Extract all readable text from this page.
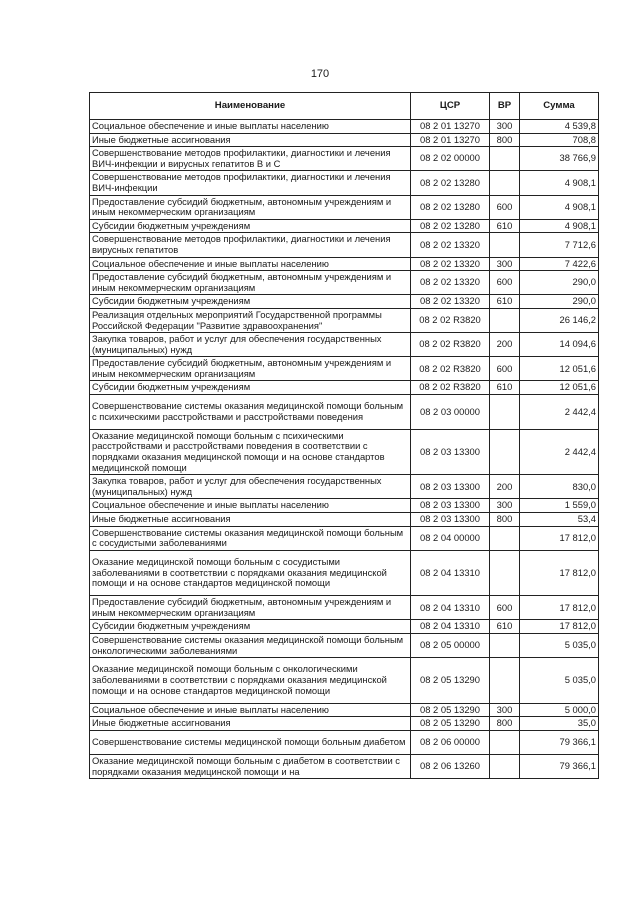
170
Наименование	ЦСР	ВР	Сумма
Социальное обеспечение и иные выплаты населению	08 2 01 13270	300	4 539,8
Иные бюджетные ассигнования	08 2 01 13270	800	708,8
Совершенствование методов профилактики, диагностики и лечения ВИЧ-инфекции и вирусных гепатитов В и С	08 2 02 00000		38 766,9
Совершенствование методов профилактики, диагностики и лечения ВИЧ-инфекции	08 2 02 13280		4 908,1
Предоставление субсидий бюджетным, автономным учреждениям и иным некоммерческим организациям	08 2 02 13280	600	4 908,1
Субсидии бюджетным учреждениям	08 2 02 13280	610	4 908,1
Совершенствование методов профилактики, диагностики и лечения вирусных гепатитов	08 2 02 13320		7 712,6
Социальное обеспечение и иные выплаты населению	08 2 02 13320	300	7 422,6
Предоставление субсидий бюджетным, автономным учреждениям и иным некоммерческим организациям	08 2 02 13320	600	290,0
Субсидии бюджетным учреждениям	08 2 02 13320	610	290,0
Реализация отдельных мероприятий Государственной программы Российской Федерации "Развитие здравоохранения"	08 2 02 R3820		26 146,2
Закупка товаров, работ и услуг для обеспечения государственных (муниципальных) нужд	08 2 02 R3820	200	14 094,6
Предоставление субсидий бюджетным, автономным учреждениям и иным некоммерческим организациям	08 2 02 R3820	600	12 051,6
Субсидии бюджетным учреждениям	08 2 02 R3820	610	12 051,6
Совершенствование системы оказания медицинской помощи больным с психическими расстройствами и расстройствами поведения	08 2 03 00000		2 442,4
Оказание медицинской помощи больным с психическими расстройствами и расстройствами поведения в соответствии с порядками оказания медицинской помощи и на основе стандартов медицинской помощи	08 2 03 13300		2 442,4
Закупка товаров, работ и услуг для обеспечения государственных (муниципальных) нужд	08 2 03 13300	200	830,0
Социальное обеспечение и иные выплаты населению	08 2 03 13300	300	1 559,0
Иные бюджетные ассигнования	08 2 03 13300	800	53,4
Совершенствование системы оказания медицинской помощи больным с сосудистыми заболеваниями	08 2 04 00000		17 812,0
Оказание медицинской помощи больным с сосудистыми заболеваниями в соответствии с порядками оказания медицинской помощи и на основе стандартов медицинской помощи	08 2 04 13310		17 812,0
Предоставление субсидий бюджетным, автономным учреждениям и иным некоммерческим организациям	08 2 04 13310	600	17 812,0
Субсидии бюджетным учреждениям	08 2 04 13310	610	17 812,0
Совершенствование системы оказания медицинской помощи больным онкологическими заболеваниями	08 2 05 00000		5 035,0
Оказание медицинской помощи больным с онкологическими заболеваниями в соответствии с порядками оказания медицинской помощи и на основе стандартов медицинской помощи	08 2 05 13290		5 035,0
Социальное обеспечение и иные выплаты населению	08 2 05 13290	300	5 000,0
Иные бюджетные ассигнования	08 2 05 13290	800	35,0
Совершенствование системы медицинской помощи больным диабетом	08 2 06 00000		79 366,1
Оказание медицинской помощи больным с диабетом в соответствии с порядками оказания медицинской помощи и на	08 2 06 13260		79 366,1
